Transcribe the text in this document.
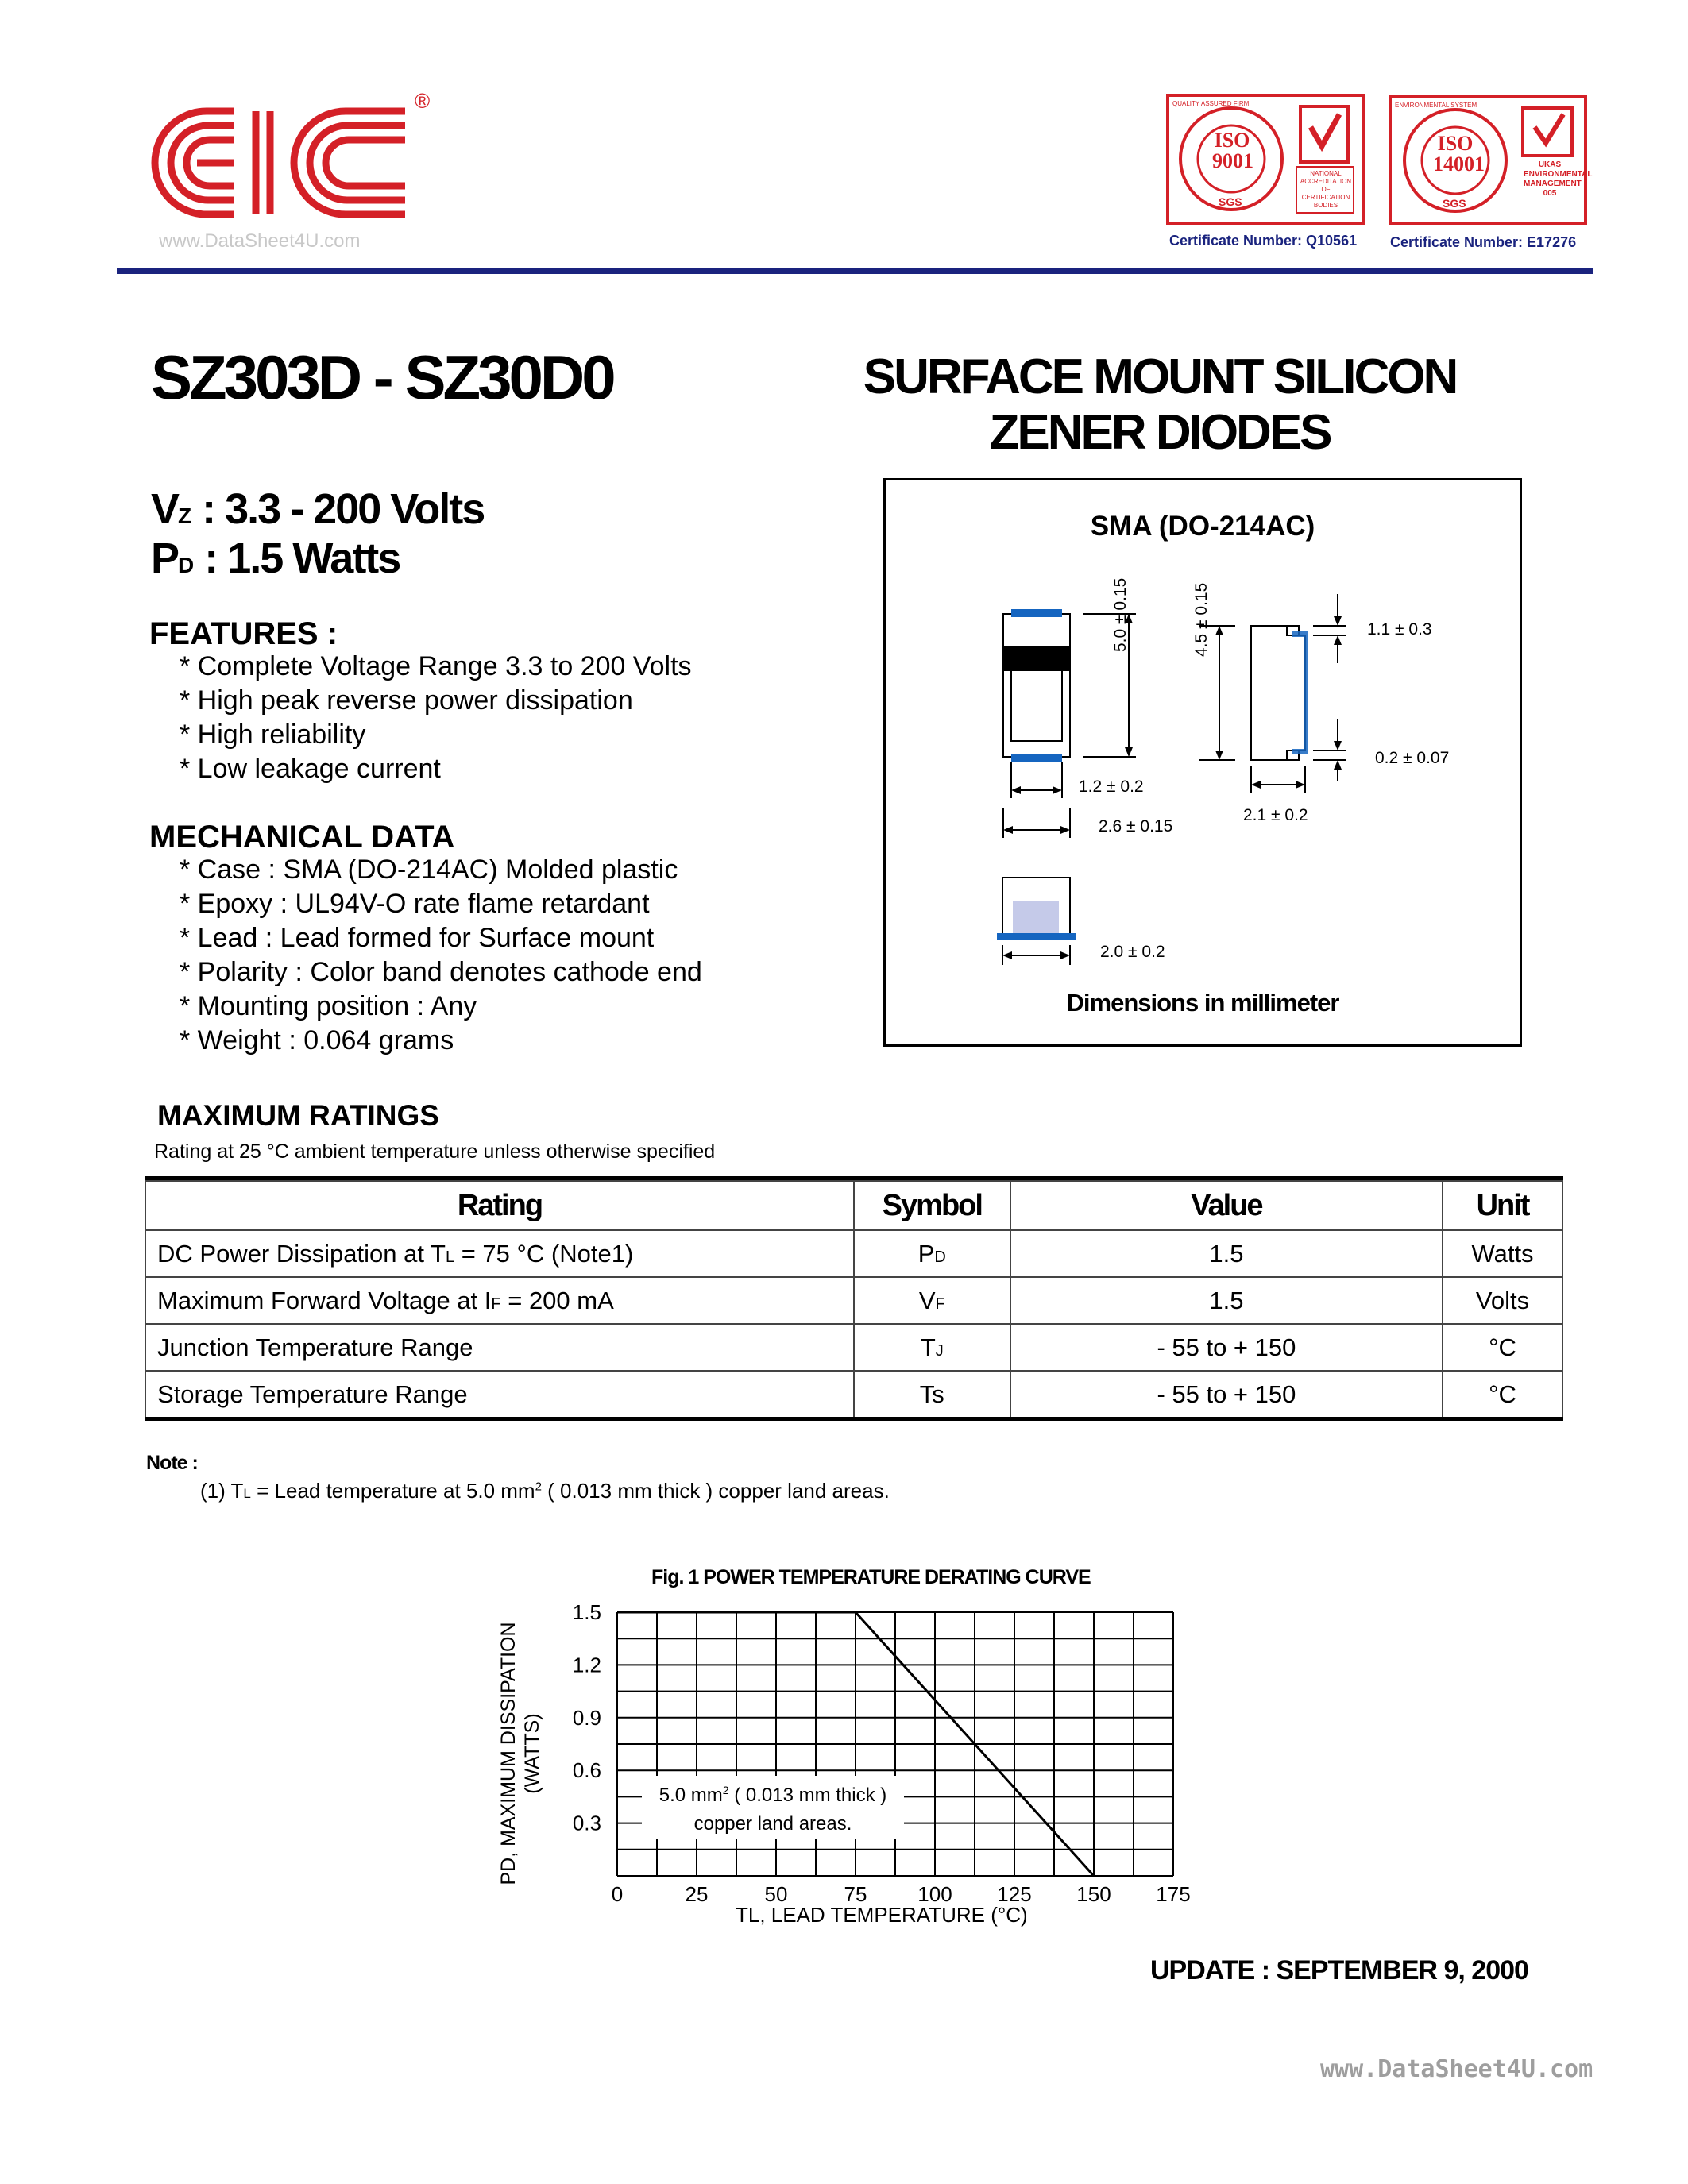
®
www.DataSheet4U.com
ISO
9001
SGS
QUALITY ASSURED FIRM
NATIONAL ACCREDITATION OF CERTIFICATION BODIES
Certificate Number: Q10561
ISO
14001
SGS
ENVIRONMENTAL SYSTEM
UKAS ENVIRONMENTAL MANAGEMENT 005
Certificate Number: E17276
SZ303D - SZ30D0	SURFACE MOUNT SILICON
ZENER DIODES
VZ : 3.3 - 200 Volts
PD : 1.5 Watts
FEATURES :
* Complete Voltage Range 3.3 to 200 Volts
* High peak reverse power dissipation
* High reliability
* Low leakage current
MECHANICAL DATA
* Case : SMA (DO-214AC) Molded plastic
* Epoxy : UL94V-O rate flame retardant
* Lead : Lead formed for Surface mount
* Polarity : Color band denotes cathode end
* Mounting position : Any
* Weight : 0.064 grams
SMA (DO-214AC)
5.0 ± 0.15	4.5 ± 0.15	1.1 ± 0.3
0.2 ± 0.07
1.2 ± 0.2
2.6 ± 0.15
2.1 ± 0.2
2.0 ± 0.2
Dimensions in millimeter
MAXIMUM RATINGS
Rating at 25 °C ambient temperature unless otherwise specified
Rating	Symbol	Value	Unit
DC Power Dissipation at TL = 75 °C (Note1)	PD	1.5	Watts
Maximum Forward Voltage at IF = 200 mA	VF	1.5	Volts
Junction Temperature Range	TJ	- 55 to + 150	°C
Storage Temperature Range	Ts	- 55 to + 150	°C
Note :
(1) TL = Lead temperature at 5.0 $mm^2$ ( 0.013 mm thick ) copper land areas.
Fig. 1 POWER TEMPERATURE DERATING CURVE
0	25	50	75 100 125 150 175
0.3
0.6
0.9
1.2
1.5
5.0 $mm^2$ ( 0.013 mm thick )
copper land areas.
TL, LEAD TEMPERATURE (°C)
PD, MAXIMUM DISSIPATION (WATTS)
UPDATE : SEPTEMBER 9, 2000
www.DataSheet4U.com
